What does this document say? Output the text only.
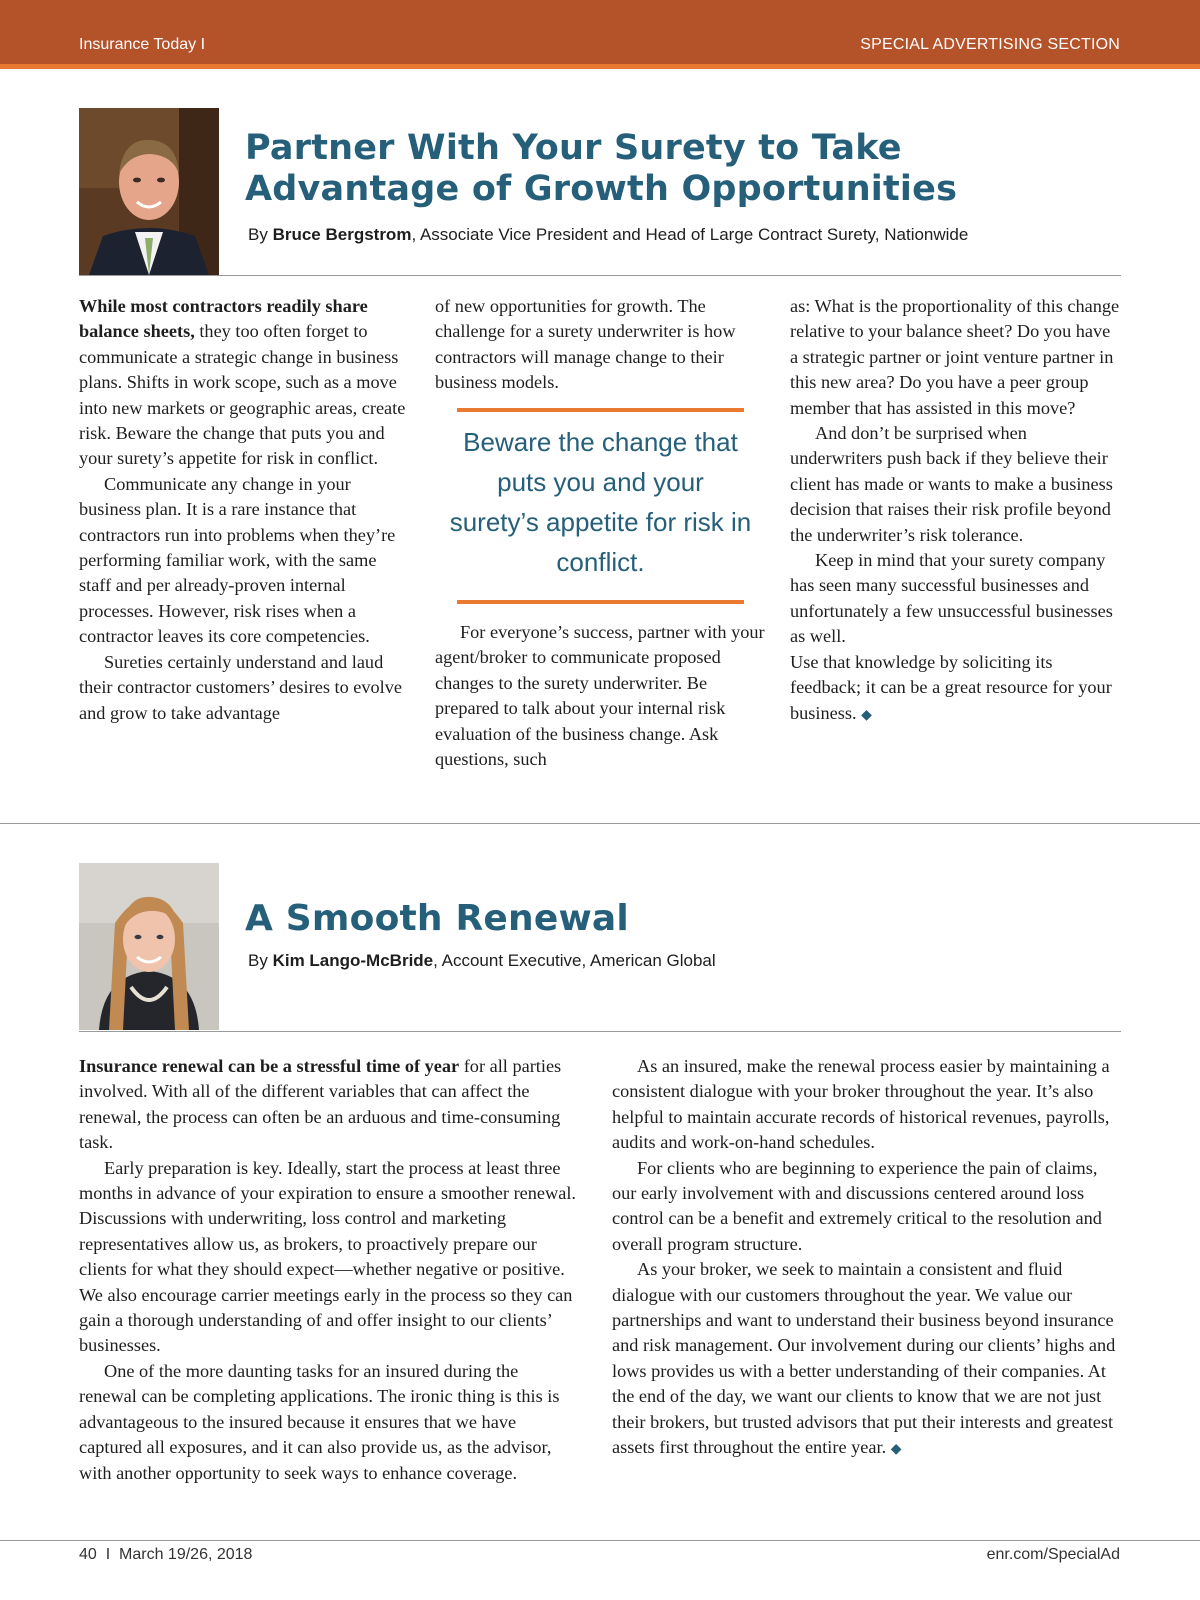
Insurance Today I	SPECIAL ADVERTISING SECTION
Partner With Your Surety to Take
Advantage of Growth Opportunities
By Bruce Bergstrom, Associate Vice President and Head of Large Contract Surety, Nationwide

While most contractors readily share balance sheets, they too often forget to communicate a strategic change in business plans. Shifts in work scope, such as a move into new markets or geographic areas, create risk. Beware the change that puts you and your surety’s appetite for risk in conflict.

Communicate any change in your business plan. It is a rare instance that contractors run into problems when they’re performing familiar work, with the same staff and per already-proven internal processes. However, risk rises when a contractor leaves its core competencies.

Sureties certainly understand and laud their contractor customers’ desires to evolve and grow to take advantage

of new opportunities for growth. The challenge for a surety underwriter is how contractors will manage change to their business models.

Beware the change that puts you and your surety’s appetite for risk in conflict.

For everyone’s success, partner with your agent/broker to communicate proposed changes to the surety underwriter. Be prepared to talk about your internal risk evaluation of the business change. Ask questions, such

as: What is the proportionality of this change relative to your balance sheet? Do you have a strategic partner or joint venture partner in this new area? Do you have a peer group member that has assisted in this move?

And don’t be surprised when underwriters push back if they believe their client has made or wants to make a business decision that raises their risk profile beyond the underwriter’s risk tolerance.

Keep in mind that your surety company has seen many successful businesses and unfortunately a few unsuccessful businesses as well.

Use that knowledge by soliciting its feedback; it can be a great resource for your business. ◆

A Smooth Renewal
By Kim Lango-McBride, Account Executive, American Global

Insurance renewal can be a stressful time of year for all parties involved. With all of the different variables that can affect the renewal, the process can often be an arduous and time-consuming task.

Early preparation is key. Ideally, start the process at least three months in advance of your expiration to ensure a smoother renewal. Discussions with underwriting, loss control and marketing representatives allow us, as brokers, to proactively prepare our clients for what they should expect—whether negative or positive. We also encourage carrier meetings early in the process so they can gain a thorough understanding of and offer insight to our clients’ businesses.

One of the more daunting tasks for an insured during the renewal can be completing applications. The ironic thing is this is advantageous to the insured because it ensures that we have captured all exposures, and it can also provide us, as the advisor, with another opportunity to seek ways to enhance coverage.

As an insured, make the renewal process easier by maintaining a consistent dialogue with your broker throughout the year. It’s also helpful to maintain accurate records of historical revenues, payrolls, audits and work-on-hand schedules.

For clients who are beginning to experience the pain of claims, our early involvement with and discussions centered around loss control can be a benefit and extremely critical to the resolution and overall program structure.

As your broker, we seek to maintain a consistent and fluid dialogue with our customers throughout the year. We value our partnerships and want to understand their business beyond insurance and risk management. Our involvement during our clients’ highs and lows provides us with a better understanding of their companies. At the end of the day, we want our clients to know that we are not just their brokers, but trusted advisors that put their interests and greatest assets first throughout the entire year. ◆

40  I  March 19/26, 2018	enr.com/SpecialAd
